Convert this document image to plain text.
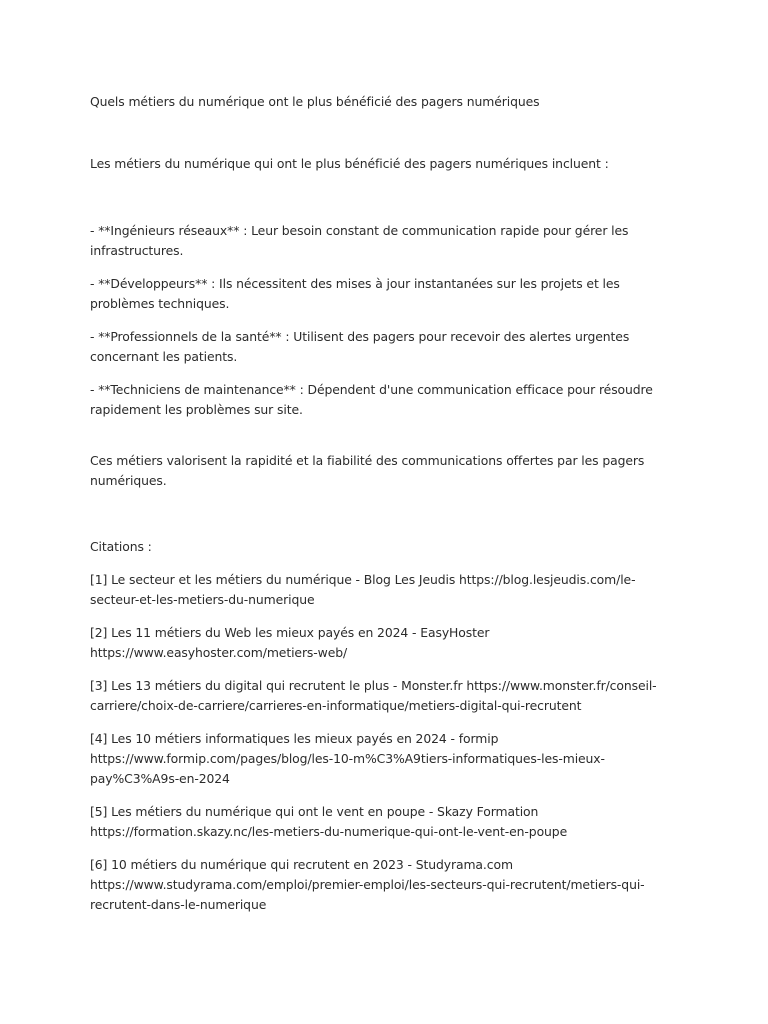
Quels métiers du numérique ont le plus bénéficié des pagers numériques

Les métiers du numérique qui ont le plus bénéficié des pagers numériques incluent :

- **Ingénieurs réseaux** : Leur besoin constant de communication rapide pour gérer les infrastructures.

- **Développeurs** : Ils nécessitent des mises à jour instantanées sur les projets et les problèmes techniques.

- **Professionnels de la santé** : Utilisent des pagers pour recevoir des alertes urgentes concernant les patients.

- **Techniciens de maintenance** : Dépendent d'une communication efficace pour résoudre rapidement les problèmes sur site.

Ces métiers valorisent la rapidité et la fiabilité des communications offertes par les pagers numériques.

Citations :

[1] Le secteur et les métiers du numérique - Blog Les Jeudis https://blog.lesjeudis.com/le-secteur-et-les-metiers-du-numerique

[2] Les 11 métiers du Web les mieux payés en 2024 - EasyHoster https://www.easyhoster.com/metiers-web/

[3] Les 13 métiers du digital qui recrutent le plus - Monster.fr https://www.monster.fr/conseil-carriere/choix-de-carriere/carrieres-en-informatique/metiers-digital-qui-recrutent

[4] Les 10 métiers informatiques les mieux payés en 2024 - formip https://www.formip.com/pages/blog/les-10-m%C3%A9tiers-informatiques-les-mieux-pay%C3%A9s-en-2024

[5] Les métiers du numérique qui ont le vent en poupe - Skazy Formation https://formation.skazy.nc/les-metiers-du-numerique-qui-ont-le-vent-en-poupe

[6] 10 métiers du numérique qui recrutent en 2023 - Studyrama.com https://www.studyrama.com/emploi/premier-emploi/les-secteurs-qui-recrutent/metiers-qui-recrutent-dans-le-numerique
